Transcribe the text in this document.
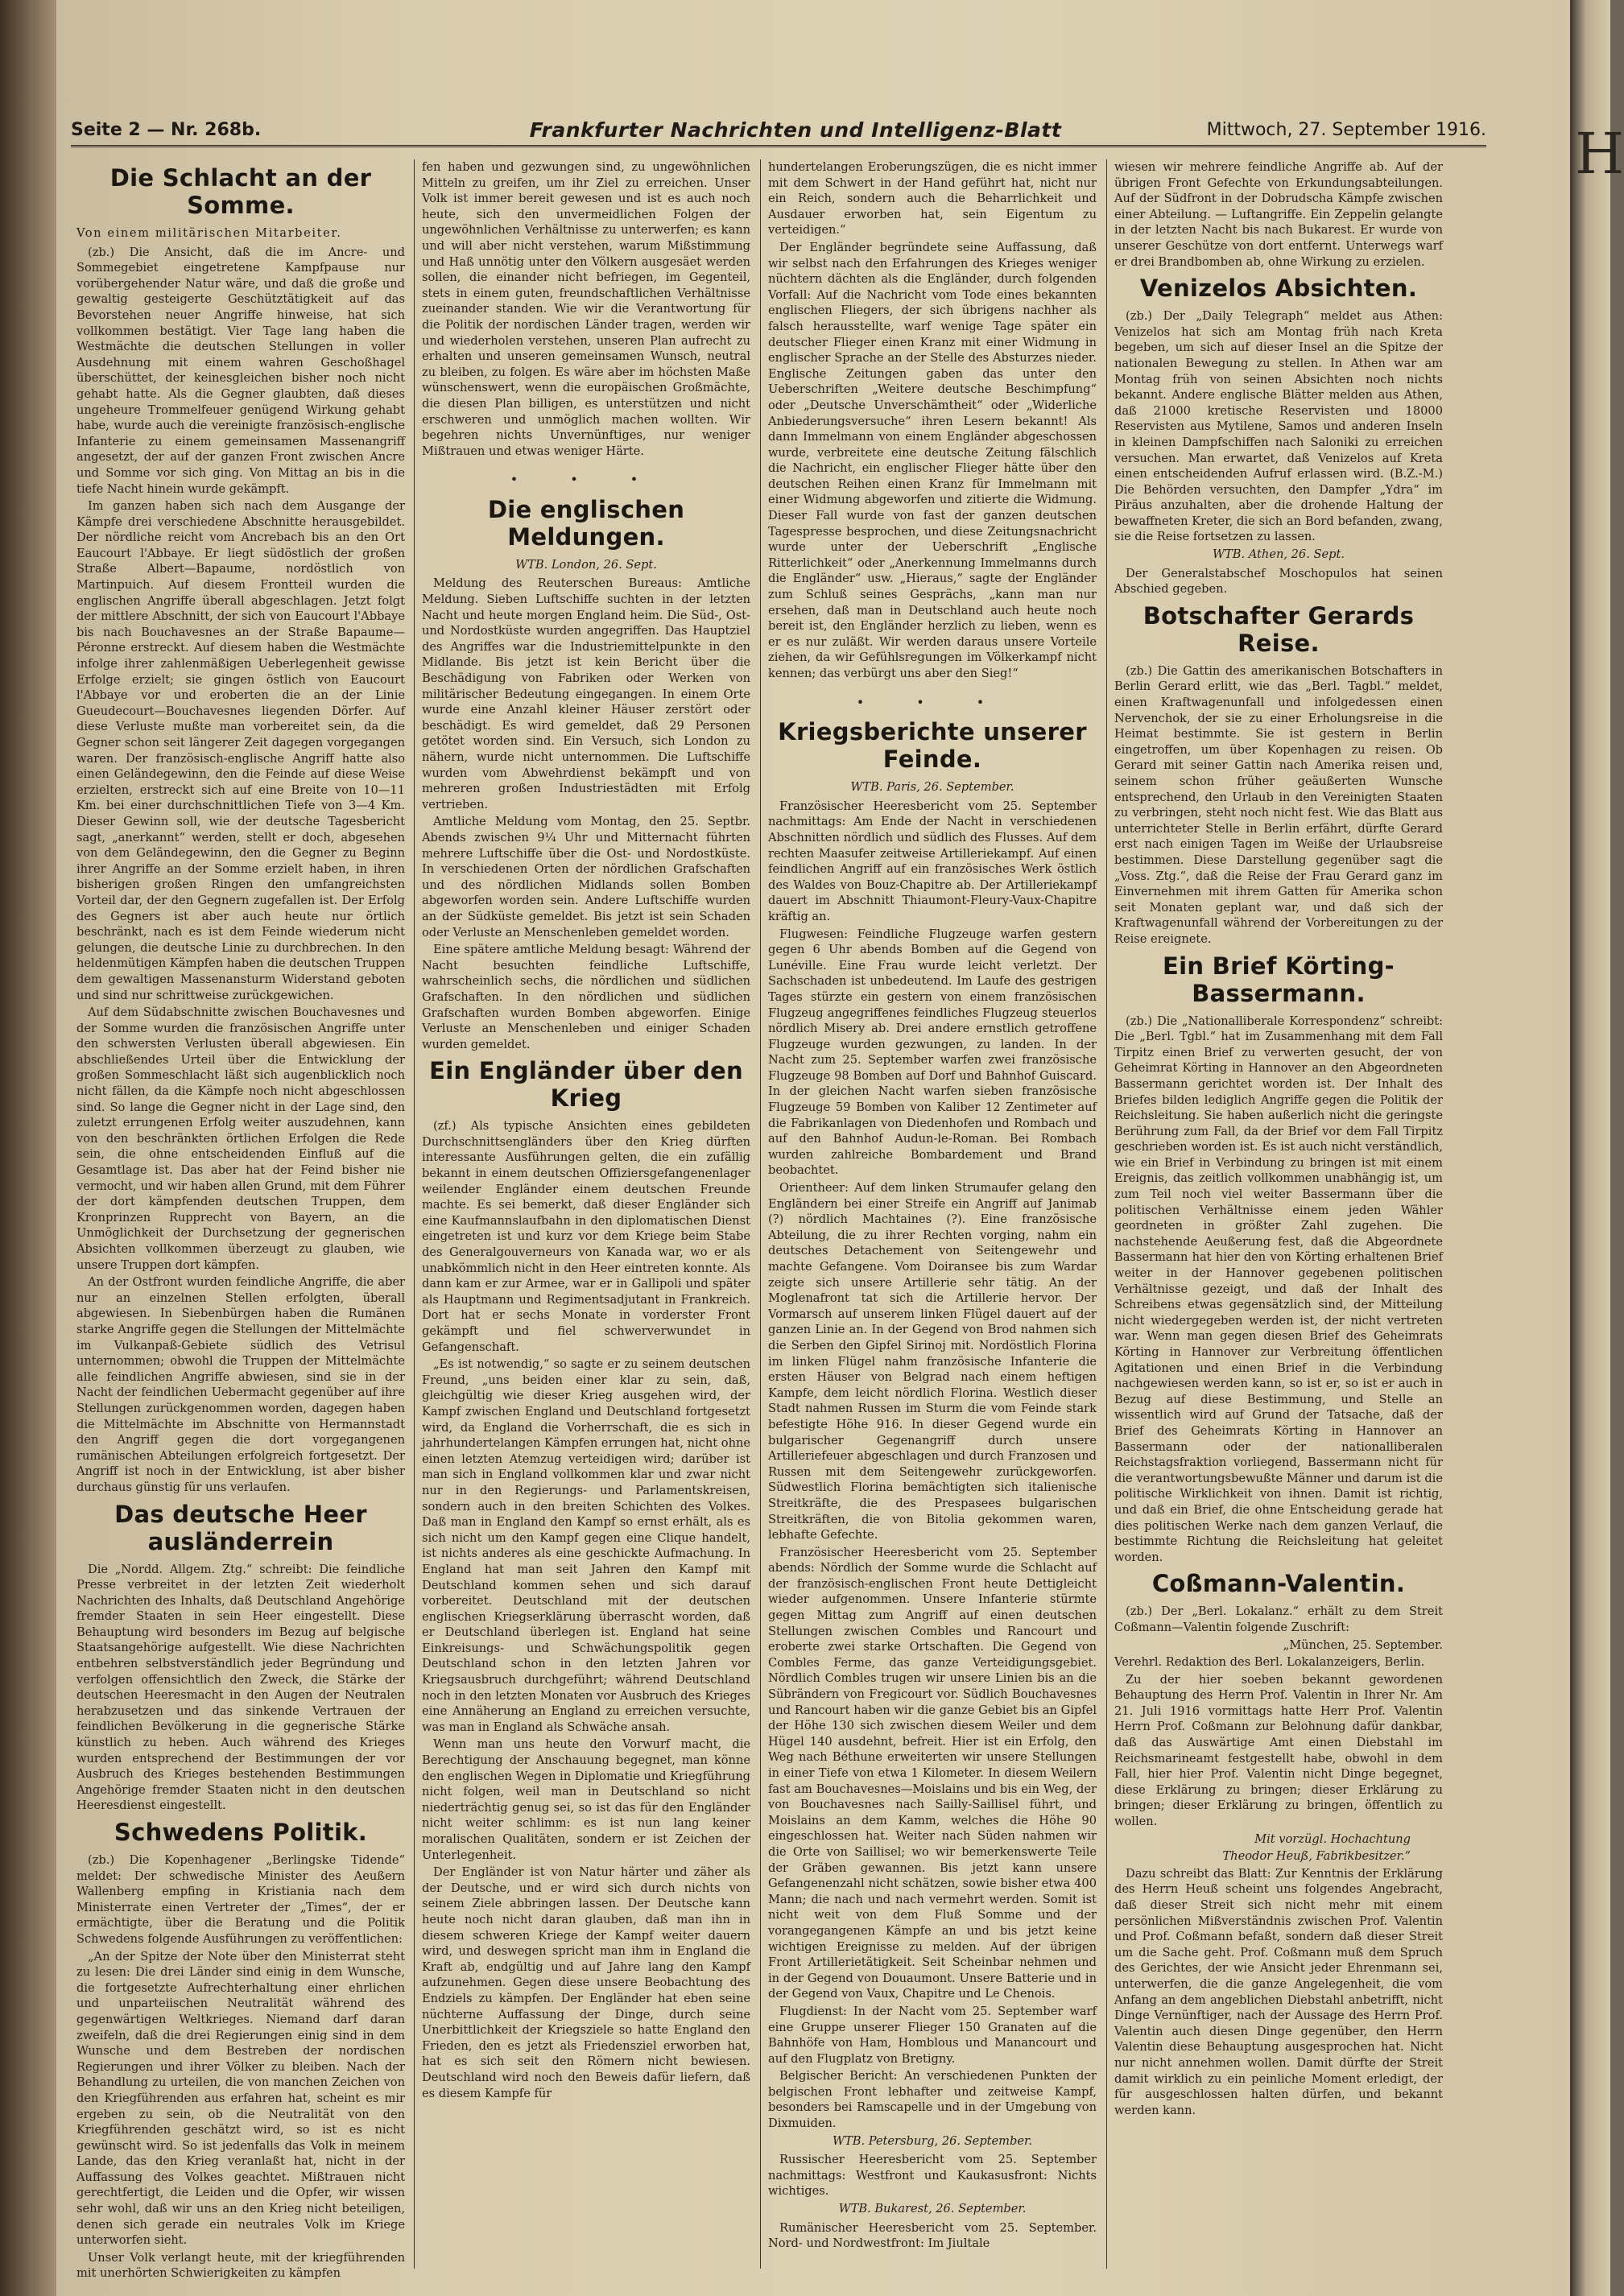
H
Seite 2 — Nr. 268b.	Frankfurter Nachrichten und Intelligenz-Blatt	Mittwoch, 27. September 1916.
Die Schlacht an der Somme.
Von einem militärischen Mitarbeiter.

(zb.) Die Ansicht, daß die im Ancre- und Sommegebiet eingetretene Kampfpause nur vorübergehender Natur wäre, und daß die große und gewaltig gesteigerte Geschütztätigkeit auf das Bevorstehen neuer Angriffe hinweise, hat sich vollkommen bestätigt. Vier Tage lang haben die Westmächte die deutschen Stellungen in voller Ausdehnung mit einem wahren Geschoßhagel überschüttet, der keinesgleichen bisher noch nicht gehabt hatte. Als die Gegner glaubten, daß dieses ungeheure Trommelfeuer genügend Wirkung gehabt habe, wurde auch die vereinigte französisch-englische Infanterie zu einem gemeinsamen Massenangriff angesetzt, der auf der ganzen Front zwischen Ancre und Somme vor sich ging. Von Mittag an bis in die tiefe Nacht hinein wurde gekämpft.

Im ganzen haben sich nach dem Ausgange der Kämpfe drei verschiedene Abschnitte herausgebildet. Der nördliche reicht vom Ancrebach bis an den Ort Eaucourt l'Abbaye. Er liegt südöstlich der großen Straße Albert—Bapaume, nordöstlich von Martinpuich. Auf diesem Frontteil wurden die englischen Angriffe überall abgeschlagen. Jetzt folgt der mittlere Abschnitt, der sich von Eaucourt l'Abbaye bis nach Bouchavesnes an der Straße Bapaume—Péronne erstreckt. Auf diesem haben die Westmächte infolge ihrer zahlenmäßigen Ueberlegenheit gewisse Erfolge erzielt; sie gingen östlich von Eaucourt l'Abbaye vor und eroberten die an der Linie Gueudecourt—Bouchavesnes liegenden Dörfer. Auf diese Verluste mußte man vorbereitet sein, da die Gegner schon seit längerer Zeit dagegen vorgegangen waren. Der französisch-englische Angriff hatte also einen Geländegewinn, den die Feinde auf diese Weise erzielten, erstreckt sich auf eine Breite von 10—11 Km. bei einer durchschnittlichen Tiefe von 3—4 Km. Dieser Gewinn soll, wie der deutsche Tagesbericht sagt, „anerkannt“ werden, stellt er doch, abgesehen von dem Geländegewinn, den die Gegner zu Beginn ihrer Angriffe an der Somme erzielt haben, in ihren bisherigen großen Ringen den umfangreichsten Vorteil dar, der den Gegnern zugefallen ist. Der Erfolg des Gegners ist aber auch heute nur örtlich beschränkt, nach es ist dem Feinde wiederum nicht gelungen, die deutsche Linie zu durchbrechen. In den heldenmütigen Kämpfen haben die deutschen Truppen dem gewaltigen Massenansturm Widerstand geboten und sind nur schrittweise zurückgewichen.

Auf dem Südabschnitte zwischen Bouchavesnes und der Somme wurden die französischen Angriffe unter den schwersten Verlusten überall abgewiesen. Ein abschließendes Urteil über die Entwicklung der großen Sommeschlacht läßt sich augenblicklich noch nicht fällen, da die Kämpfe noch nicht abgeschlossen sind. So lange die Gegner nicht in der Lage sind, den zuletzt errungenen Erfolg weiter auszudehnen, kann von den beschränkten örtlichen Erfolgen die Rede sein, die ohne entscheidenden Einfluß auf die Gesamtlage ist. Das aber hat der Feind bisher nie vermocht, und wir haben allen Grund, mit dem Führer der dort kämpfenden deutschen Truppen, dem Kronprinzen Rupprecht von Bayern, an die Unmöglichkeit der Durchsetzung der gegnerischen Absichten vollkommen überzeugt zu glauben, wie unsere Truppen dort kämpfen.

An der Ostfront wurden feindliche Angriffe, die aber nur an einzelnen Stellen erfolgten, überall abgewiesen. In Siebenbürgen haben die Rumänen starke Angriffe gegen die Stellungen der Mittelmächte im Vulkanpaß-Gebiete südlich des Vetrisul unternommen; obwohl die Truppen der Mittelmächte alle feindlichen Angriffe abwiesen, sind sie in der Nacht der feindlichen Uebermacht gegenüber auf ihre Stellungen zurückgenommen worden, dagegen haben die Mittelmächte im Abschnitte von Hermannstadt den Angriff gegen die dort vorgegangenen rumänischen Abteilungen erfolgreich fortgesetzt. Der Angriff ist noch in der Entwicklung, ist aber bisher durchaus günstig für uns verlaufen.

Das deutsche Heer ausländerrein

Die „Nordd. Allgem. Ztg.“ schreibt: Die feindliche Presse verbreitet in der letzten Zeit wiederholt Nachrichten des Inhalts, daß Deutschland Angehörige fremder Staaten in sein Heer eingestellt. Diese Behauptung wird besonders im Bezug auf belgische Staatsangehörige aufgestellt. Wie diese Nachrichten entbehren selbstverständlich jeder Begründung und verfolgen offensichtlich den Zweck, die Stärke der deutschen Heeresmacht in den Augen der Neutralen herabzusetzen und das sinkende Vertrauen der feindlichen Bevölkerung in die gegnerische Stärke künstlich zu heben. Auch während des Krieges wurden entsprechend der Bestimmungen der vor Ausbruch des Krieges bestehenden Bestimmungen Angehörige fremder Staaten nicht in den deutschen Heeresdienst eingestellt.

Schwedens Politik.

(zb.) Die Kopenhagener „Berlingske Tidende“ meldet: Der schwedische Minister des Aeußern Wallenberg empfing in Kristiania nach dem Ministerrate einen Vertreter der „Times“, der er ermächtigte, über die Beratung und die Politik Schwedens folgende Ausführungen zu veröffentlichen:

„An der Spitze der Note über den Ministerrat steht zu lesen: Die drei Länder sind einig in dem Wunsche, die fortgesetzte Aufrechterhaltung einer ehrlichen und unparteiischen Neutralität während des gegenwärtigen Weltkrieges. Niemand darf daran zweifeln, daß die drei Regierungen einig sind in dem Wunsche und dem Bestreben der nordischen Regierungen und ihrer Völker zu bleiben. Nach der Behandlung zu urteilen, die von manchen Zeichen von den Kriegführenden aus erfahren hat, scheint es mir ergeben zu sein, ob die Neutralität von den Kriegführenden geschätzt wird, so ist es nicht gewünscht wird. So ist jedenfalls das Volk in meinem Lande, das den Krieg veranlaßt hat, nicht in der Auffassung des Volkes geachtet. Mißtrauen nicht gerechtfertigt, die Leiden und die Opfer, wir wissen sehr wohl, daß wir uns an den Krieg nicht beteiligen, denen sich gerade ein neutrales Volk im Kriege unterworfen sieht.

Unser Volk verlangt heute, mit der kriegführenden mit unerhörten Schwierigkeiten zu kämpfen

fen haben und gezwungen sind, zu ungewöhnlichen Mitteln zu greifen, um ihr Ziel zu erreichen. Unser Volk ist immer bereit gewesen und ist es auch noch heute, sich den unvermeidlichen Folgen der ungewöhnlichen Verhältnisse zu unterwerfen; es kann und will aber nicht verstehen, warum Mißstimmung und Haß unnötig unter den Völkern ausgesäet werden sollen, die einander nicht befriegen, im Gegenteil, stets in einem guten, freundschaftlichen Verhältnisse zueinander standen. Wie wir die Verantwortung für die Politik der nordischen Länder tragen, werden wir und wiederholen verstehen, unseren Plan aufrecht zu erhalten und unseren gemeinsamen Wunsch, neutral zu bleiben, zu folgen. Es wäre aber im höchsten Maße wünschenswert, wenn die europäischen Großmächte, die diesen Plan billigen, es unterstützen und nicht erschweren und unmöglich machen wollten. Wir begehren nichts Unvernünftiges, nur weniger Mißtrauen und etwas weniger Härte.

• • •
Die englischen Meldungen.
WTB. London, 26. Sept.

Meldung des Reuterschen Bureaus: Amtliche Meldung. Sieben Luftschiffe suchten in der letzten Nacht und heute morgen England heim. Die Süd-, Ost- und Nordostküste wurden angegriffen. Das Hauptziel des Angriffes war die Industriemittelpunkte in den Midlande. Bis jetzt ist kein Bericht über die Beschädigung von Fabriken oder Werken von militärischer Bedeutung eingegangen. In einem Orte wurde eine Anzahl kleiner Häuser zerstört oder beschädigt. Es wird gemeldet, daß 29 Personen getötet worden sind. Ein Versuch, sich London zu nähern, wurde nicht unternommen. Die Luftschiffe wurden vom Abwehrdienst bekämpft und von mehreren großen Industriestädten mit Erfolg vertrieben.

Amtliche Meldung vom Montag, den 25. Septbr. Abends zwischen 9¼ Uhr und Mitternacht führten mehrere Luftschiffe über die Ost- und Nordostküste. In verschiedenen Orten der nördlichen Grafschaften und des nördlichen Midlands sollen Bomben abgeworfen worden sein. Andere Luftschiffe wurden an der Südküste gemeldet. Bis jetzt ist sein Schaden oder Verluste an Menschenleben gemeldet worden.

Eine spätere amtliche Meldung besagt: Während der Nacht besuchten feindliche Luftschiffe, wahrscheinlich sechs, die nördlichen und südlichen Grafschaften. In den nördlichen und südlichen Grafschaften wurden Bomben abgeworfen. Einige Verluste an Menschenleben und einiger Schaden wurden gemeldet.

Ein Engländer über den Krieg

(zf.) Als typische Ansichten eines gebildeten Durchschnittsengländers über den Krieg dürften interessante Ausführungen gelten, die ein zufällig bekannt in einem deutschen Offiziersgefangenenlager weilender Engländer einem deutschen Freunde machte. Es sei bemerkt, daß dieser Engländer sich eine Kaufmannslaufbahn in den diplomatischen Dienst eingetreten ist und kurz vor dem Kriege beim Stabe des Generalgouverneurs von Kanada war, wo er als unabkömmlich nicht in den Heer eintreten konnte. Als dann kam er zur Armee, war er in Gallipoli und später als Hauptmann und Regimentsadjutant in Frankreich. Dort hat er sechs Monate in vorderster Front gekämpft und fiel schwerverwundet in Gefangenschaft.

„Es ist notwendig,“ so sagte er zu seinem deutschen Freund, „uns beiden einer klar zu sein, daß, gleichgültig wie dieser Krieg ausgehen wird, der Kampf zwischen England und Deutschland fortgesetzt wird, da England die Vorherrschaft, die es sich in jahrhundertelangen Kämpfen errungen hat, nicht ohne einen letzten Atemzug verteidigen wird; darüber ist man sich in England vollkommen klar und zwar nicht nur in den Regierungs- und Parlamentskreisen, sondern auch in den breiten Schichten des Volkes. Daß man in England den Kampf so ernst erhält, als es sich nicht um den Kampf gegen eine Clique handelt, ist nichts anderes als eine geschickte Aufmachung. In England hat man seit Jahren den Kampf mit Deutschland kommen sehen und sich darauf vorbereitet. Deutschland mit der deutschen englischen Kriegserklärung überrascht worden, daß er Deutschland überlegen ist. England hat seine Einkreisungs- und Schwächungspolitik gegen Deutschland schon in den letzten Jahren vor Kriegsausbruch durchgeführt; während Deutschland noch in den letzten Monaten vor Ausbruch des Krieges eine Annäherung an England zu erreichen versuchte, was man in England als Schwäche ansah.

Wenn man uns heute den Vorwurf macht, die Berechtigung der Anschauung begegnet, man könne den englischen Wegen in Diplomatie und Kriegführung nicht folgen, weil man in Deutschland so nicht niederträchtig genug sei, so ist das für den Engländer nicht weiter schlimm: es ist nun lang keiner moralischen Qualitäten, sondern er ist Zeichen der Unterlegenheit.

Der Engländer ist von Natur härter und zäher als der Deutsche, und er wird sich durch nichts von seinem Ziele abbringen lassen. Der Deutsche kann heute noch nicht daran glauben, daß man ihn in diesem schweren Kriege der Kampf weiter dauern wird, und deswegen spricht man ihm in England die Kraft ab, endgültig und auf Jahre lang den Kampf aufzunehmen. Gegen diese unsere Beobachtung des Endziels zu kämpfen. Der Engländer hat eben seine nüchterne Auffassung der Dinge, durch seine Unerbittlichkeit der Kriegsziele so hatte England den Frieden, den es jetzt als Friedensziel erworben hat, hat es sich seit den Römern nicht bewiesen. Deutschland wird noch den Beweis dafür liefern, daß es diesem Kampfe für

hundertelangen Eroberungszügen, die es nicht immer mit dem Schwert in der Hand geführt hat, nicht nur ein Reich, sondern auch die Beharrlichkeit und Ausdauer erworben hat, sein Eigentum zu verteidigen.“

Der Engländer begründete seine Auffassung, daß wir selbst nach den Erfahrungen des Krieges weniger nüchtern dächten als die Engländer, durch folgenden Vorfall: Auf die Nachricht vom Tode eines bekannten englischen Fliegers, der sich übrigens nachher als falsch herausstellte, warf wenige Tage später ein deutscher Flieger einen Kranz mit einer Widmung in englischer Sprache an der Stelle des Absturzes nieder. Englische Zeitungen gaben das unter den Ueberschriften „Weitere deutsche Beschimpfung“ oder „Deutsche Unverschämtheit“ oder „Widerliche Anbiederungsversuche“ ihren Lesern bekannt! Als dann Immelmann von einem Engländer abgeschossen wurde, verbreitete eine deutsche Zeitung fälschlich die Nachricht, ein englischer Flieger hätte über den deutschen Reihen einen Kranz für Immelmann mit einer Widmung abgeworfen und zitierte die Widmung. Dieser Fall wurde von fast der ganzen deutschen Tagespresse besprochen, und diese Zeitungsnachricht wurde unter der Ueberschrift „Englische Ritterlichkeit“ oder „Anerkennung Immelmanns durch die Engländer“ usw. „Hieraus,“ sagte der Engländer zum Schluß seines Gesprächs, „kann man nur ersehen, daß man in Deutschland auch heute noch bereit ist, den Engländer herzlich zu lieben, wenn es er es nur zuläßt. Wir werden daraus unsere Vorteile ziehen, da wir Gefühlsregungen im Völkerkampf nicht kennen; das verbürgt uns aber den Sieg!“

• • •
Kriegsberichte unserer Feinde.
WTB. Paris, 26. September.

Französischer Heeresbericht vom 25. September nachmittags: Am Ende der Nacht in verschiedenen Abschnitten nördlich und südlich des Flusses. Auf dem rechten Maasufer zeitweise Artilleriekampf. Auf einen feindlichen Angriff auf ein französisches Werk östlich des Waldes von Bouz-Chapitre ab. Der Artilleriekampf dauert im Abschnitt Thiaumont-Fleury-Vaux-Chapitre kräftig an.

Flugwesen: Feindliche Flugzeuge warfen gestern gegen 6 Uhr abends Bomben auf die Gegend von Lunéville. Eine Frau wurde leicht verletzt. Der Sachschaden ist unbedeutend. Im Laufe des gestrigen Tages stürzte ein gestern von einem französischen Flugzeug angegriffenes feindliches Flugzeug steuerlos nördlich Misery ab. Drei andere ernstlich getroffene Flugzeuge wurden gezwungen, zu landen. In der Nacht zum 25. September warfen zwei französische Flugzeuge 98 Bomben auf Dorf und Bahnhof Guiscard. In der gleichen Nacht warfen sieben französische Flugzeuge 59 Bomben von Kaliber 12 Zentimeter auf die Fabrikanlagen von Diedenhofen und Rombach und auf den Bahnhof Audun-le-Roman. Bei Rombach wurden zahlreiche Bombardement und Brand beobachtet.

Orientheer: Auf dem linken Strumaufer gelang den Engländern bei einer Streife ein Angriff auf Janimab (?) nördlich Machtaines (?). Eine französische Abteilung, die zu ihrer Rechten vorging, nahm ein deutsches Detachement von Seitengewehr und machte Gefangene. Vom Doiransee bis zum Wardar zeigte sich unsere Artillerie sehr tätig. An der Moglenafront tat sich die Artillerie hervor. Der Vormarsch auf unserem linken Flügel dauert auf der ganzen Linie an. In der Gegend von Brod nahmen sich die Serben den Gipfel Sirinoj mit. Nordöstlich Florina im linken Flügel nahm französische Infanterie die ersten Häuser von Belgrad nach einem heftigen Kampfe, dem leicht nördlich Florina. Westlich dieser Stadt nahmen Russen im Sturm die vom Feinde stark befestigte Höhe 916. In dieser Gegend wurde ein bulgarischer Gegenangriff durch unsere Artilleriefeuer abgeschlagen und durch Franzosen und Russen mit dem Seitengewehr zurückgeworfen. Südwestlich Florina bemächtigten sich italienische Streitkräfte, die des Prespasees bulgarischen Streitkräften, die von Bitolia gekommen waren, lebhafte Gefechte.

Französischer Heeresbericht vom 25. September abends: Nördlich der Somme wurde die Schlacht auf der französisch-englischen Front heute Dettigleicht wieder aufgenommen. Unsere Infanterie stürmte gegen Mittag zum Angriff auf einen deutschen Stellungen zwischen Combles und Rancourt und eroberte zwei starke Ortschaften. Die Gegend von Combles Ferme, das ganze Verteidigungsgebiet. Nördlich Combles trugen wir unsere Linien bis an die Sübrändern von Fregicourt vor. Südlich Bouchavesnes und Rancourt haben wir die ganze Gebiet bis an Gipfel der Höhe 130 sich zwischen diesem Weiler und dem Hügel 140 ausdehnt, befreit. Hier ist ein Erfolg, den Weg nach Béthune erweiterten wir unsere Stellungen in einer Tiefe von etwa 1 Kilometer. In diesem Weilern fast am Bouchavesnes—Moislains und bis ein Weg, der von Bouchavesnes nach Sailly-Saillisel führt, und Moislains an dem Kamm, welches die Höhe 90 eingeschlossen hat. Weiter nach Süden nahmen wir die Orte von Saillisel; wo wir bemerkenswerte Teile der Gräben gewannen. Bis jetzt kann unsere Gefangenenzahl nicht schätzen, sowie bisher etwa 400 Mann; die nach und nach vermehrt werden. Somit ist nicht weit von dem Fluß Somme und der vorangegangenen Kämpfe an und bis jetzt keine wichtigen Ereignisse zu melden. Auf der übrigen Front Artillerietätigkeit. Seit Scheinbar nehmen und in der Gegend von Douaumont. Unsere Batterie und in der Gegend von Vaux, Chapitre und Le Chenois.

Flugdienst: In der Nacht vom 25. September warf eine Gruppe unserer Flieger 150 Granaten auf die Bahnhöfe von Ham, Homblous und Manancourt und auf den Flugplatz von Bretigny.

Belgischer Bericht: An verschiedenen Punkten der belgischen Front lebhafter und zeitweise Kampf, besonders bei Ramscapelle und in der Umgebung von Dixmuiden.

WTB. Petersburg, 26. September.

Russischer Heeresbericht vom 25. September nachmittags: Westfront und Kaukasusfront: Nichts wichtiges.

WTB. Bukarest, 26. September.

Rumänischer Heeresbericht vom 25. September. Nord- und Nordwestfront: Im Jiultale

wiesen wir mehrere feindliche Angriffe ab. Auf der übrigen Front Gefechte von Erkundungsabteilungen. Auf der Südfront in der Dobrudscha Kämpfe zwischen einer Abteilung. — Luftangriffe. Ein Zeppelin gelangte in der letzten Nacht bis nach Bukarest. Er wurde von unserer Geschütze von dort entfernt. Unterwegs warf er drei Brandbomben ab, ohne Wirkung zu erzielen.

Venizelos Absichten.

(zb.) Der „Daily Telegraph“ meldet aus Athen: Venizelos hat sich am Montag früh nach Kreta begeben, um sich auf dieser Insel an die Spitze der nationalen Bewegung zu stellen. In Athen war am Montag früh von seinen Absichten noch nichts bekannt. Andere englische Blätter melden aus Athen, daß 21000 kretische Reservisten und 18000 Reservisten aus Mytilene, Samos und anderen Inseln in kleinen Dampfschiffen nach Saloniki zu erreichen versuchen. Man erwartet, daß Venizelos auf Kreta einen entscheidenden Aufruf erlassen wird. (B.Z.-M.) Die Behörden versuchten, den Dampfer „Ydra“ im Piräus anzuhalten, aber die drohende Haltung der bewaffneten Kreter, die sich an Bord befanden, zwang, sie die Reise fortsetzen zu lassen.

WTB. Athen, 26. Sept.

Der Generalstabschef Moschopulos hat seinen Abschied gegeben.

Botschafter Gerards Reise.

(zb.) Die Gattin des amerikanischen Botschafters in Berlin Gerard erlitt, wie das „Berl. Tagbl.“ meldet, einen Kraftwagenunfall und infolgedessen einen Nervenchok, der sie zu einer Erholungsreise in die Heimat bestimmte. Sie ist gestern in Berlin eingetroffen, um über Kopenhagen zu reisen. Ob Gerard mit seiner Gattin nach Amerika reisen und, seinem schon früher geäußerten Wunsche entsprechend, den Urlaub in den Vereinigten Staaten zu verbringen, steht noch nicht fest. Wie das Blatt aus unterrichteter Stelle in Berlin erfährt, dürfte Gerard erst nach einigen Tagen im Weiße der Urlaubsreise bestimmen. Diese Darstellung gegenüber sagt die „Voss. Ztg.“, daß die Reise der Frau Gerard ganz im Einvernehmen mit ihrem Gatten für Amerika schon seit Monaten geplant war, und daß sich der Kraftwagenunfall während der Vorbereitungen zu der Reise ereignete.

Ein Brief Körting-Bassermann.

(zb.) Die „Nationalliberale Korrespondenz“ schreibt: Die „Berl. Tgbl.“ hat im Zusammenhang mit dem Fall Tirpitz einen Brief zu verwerten gesucht, der von Geheimrat Körting in Hannover an den Abgeordneten Bassermann gerichtet worden ist. Der Inhalt des Briefes bilden lediglich Angriffe gegen die Politik der Reichsleitung. Sie haben außerlich nicht die geringste Berührung zum Fall, da der Brief vor dem Fall Tirpitz geschrieben worden ist. Es ist auch nicht verständlich, wie ein Brief in Verbindung zu bringen ist mit einem Ereignis, das zeitlich vollkommen unabhängig ist, um zum Teil noch viel weiter Bassermann über die politischen Verhältnisse einem jeden Wähler geordneten in größter Zahl zugehen. Die nachstehende Aeußerung fest, daß die Abgeordnete Bassermann hat hier den von Körting erhaltenen Brief weiter in der Hannover gegebenen politischen Verhältnisse gezeigt, und daß der Inhalt des Schreibens etwas gegensätzlich sind, der Mitteilung nicht wiedergegeben werden ist, der nicht vertreten war. Wenn man gegen diesen Brief des Geheimrats Körting in Hannover zur Verbreitung öffentlichen Agitationen und einen Brief in die Verbindung nachgewiesen werden kann, so ist er, so ist er auch in Bezug auf diese Bestimmung, und Stelle an wissentlich wird auf Grund der Tatsache, daß der Brief des Geheimrats Körting in Hannover an Bassermann oder der nationalliberalen Reichstagsfraktion vorliegend, Bassermann nicht für die verantwortungsbewußte Männer und darum ist die politische Wirklichkeit von ihnen. Damit ist richtig, und daß ein Brief, die ohne Entscheidung gerade hat dies politischen Werke nach dem ganzen Verlauf, die bestimmte Richtung die Reichsleitung hat geleitet worden.

Coßmann-Valentin.

(zb.) Der „Berl. Lokalanz.“ erhält zu dem Streit Coßmann—Valentin folgende Zuschrift:

„München, 25. September.

Verehrl. Redaktion des Berl. Lokalanzeigers, Berlin.

Zu der hier soeben bekannt gewordenen Behauptung des Herrn Prof. Valentin in Ihrer Nr. Am 21. Juli 1916 vormittags hatte Herr Prof. Valentin Herrn Prof. Coßmann zur Belohnung dafür dankbar, daß das Auswärtige Amt einen Diebstahl im Reichsmarineamt festgestellt habe, obwohl in dem Fall, hier hier Prof. Valentin nicht Dinge begegnet, diese Erklärung zu bringen; dieser Erklärung zu bringen; dieser Erklärung zu bringen, öffentlich zu wollen.

Mit vorzügl. Hochachtung

Theodor Heuß, Fabrikbesitzer.“

Dazu schreibt das Blatt: Zur Kenntnis der Erklärung des Herrn Heuß scheint uns folgendes Angebracht, daß dieser Streit sich nicht mehr mit einem persönlichen Mißverständnis zwischen Prof. Valentin und Prof. Coßmann befaßt, sondern daß dieser Streit um die Sache geht. Prof. Coßmann muß dem Spruch des Gerichtes, der wie Ansicht jeder Ehrenmann sei, unterwerfen, die die ganze Angelegenheit, die vom Anfang an dem angeblichen Diebstahl anbetrifft, nicht Dinge Vernünftiger, nach der Aussage des Herrn Prof. Valentin auch diesen Dinge gegenüber, den Herrn Valentin diese Behauptung ausgesprochen hat. Nicht nur nicht annehmen wollen. Damit dürfte der Streit damit wirklich zu ein peinliche Moment erledigt, der für ausgeschlossen halten dürfen, und bekannt werden kann.
